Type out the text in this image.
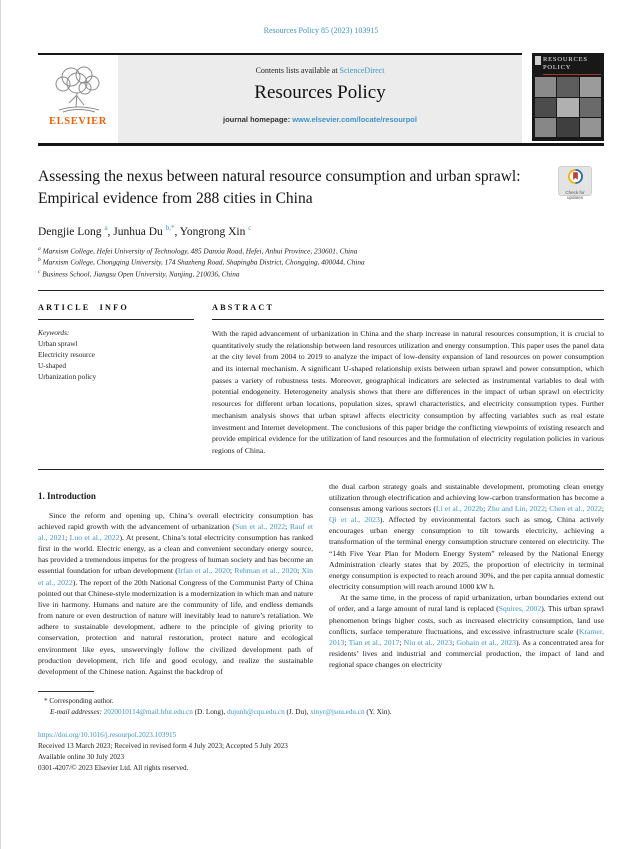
Resources Policy 85 (2023) 103915
ELSEVIER
Contents lists available at ScienceDirect
Resources Policy
journal homepage: www.elsevier.com/locate/resourpol
RESOURCES POLICY
Assessing the nexus between natural resource consumption and urban sprawl: Empirical evidence from 288 cities in China	Check for updates
Dengjie Long $^a$, Junhua Du $^{b,*}$, Yongrong Xin $^c$
$^a$ Marxism College, Hefei University of Technology, 485 Danxia Road, Hefei, Anhui Province, 230601, China
$^b$ Marxism College, Chongqing University, 174 Shazheng Road, Shapingba District, Chongqing, 400044, China
$^c$ Business School, Jiangsu Open University, Nanjing, 210036, China
ARTICLE INFO
Keywords:
Urban sprawl
Electricity resource
U-shaped
Urbanization policy
ABSTRACT

With the rapid advancement of urbanization in China and the sharp increase in natural resources consumption, it is crucial to quantitatively study the relationship between land resources utilization and energy consumption. This paper uses the panel data at the city level from 2004 to 2019 to analyze the impact of low-density expansion of land resources on power consumption and its internal mechanism. A significant U-shaped relationship exists between urban sprawl and power consumption, which passes a variety of robustness tests. Moreover, geographical indicators are selected as instrumental variables to deal with potential endogeneity. Heterogeneity analysis shows that there are differences in the impact of urban sprawl on electricity resources for different urban locations, population sizes, sprawl characteristics, and electricity consumption types. Further mechanism analysis shows that urban sprawl affects electricity consumption by affecting variables such as real estate investment and Internet development. The conclusions of this paper bridge the conflicting viewpoints of existing research and provide empirical evidence for the utilization of land resources and the formulation of electricity regulation policies in various regions of China.

1. Introduction

Since the reform and opening up, China’s overall electricity consumption has achieved rapid growth with the advancement of urbanization (Sun et al., 2022; Rauf et al., 2021; Luo et al., 2022). At present, China’s total electricity consumption has ranked first in the world. Electric energy, as a clean and convenient secondary energy source, has provided a tremendous impetus for the progress of human society and has become an essential foundation for urban development (Irfan et al., 2020; Rehman et al., 2020; Xin et al., 2022). The report of the 20th National Congress of the Communist Party of China pointed out that Chinese-style modernization is a modernization in which man and nature live in harmony. Humans and nature are the community of life, and endless demands from nature or even destruction of nature will inevitably lead to nature’s retaliation. We adhere to sustainable development, adhere to the principle of giving priority to conservation, protection and natural restoration, protect nature and ecological environment like eyes, unswervingly follow the civilized development path of production development, rich life and good ecology, and realize the sustainable development of the Chinese nation. Against the backdrop of

the dual carbon strategy goals and sustainable development, promoting clean energy utilization through electrification and achieving low-carbon transformation has become a consensus among various sectors (Li et al., 2022b; Zhu and Lin, 2022; Chen et al., 2022; Qi et al., 2023). Affected by environmental factors such as smog, China actively encourages urban energy consumption to tilt towards electricity, achieving a transformation of the terminal energy consumption structure centered on electricity. The “14th Five Year Plan for Modern Energy System” released by the National Energy Administration clearly states that by 2025, the proportion of electricity in terminal energy consumption is expected to reach around 30%, and the per capita annual domestic electricity consumption will reach around 1000 kW h.

At the same time, in the process of rapid urbanization, urban boundaries extend out of order, and a large amount of rural land is replaced (Squires, 2002). This urban sprawl phenomenon brings higher costs, such as increased electricity consumption, land use conflicts, surface temperature fluctuations, and excessive infrastructure scale (Kramer, 2013; Tian et al., 2017; Niu et al., 2023; Gohain et al., 2023). As a concentrated area for residents’ lives and industrial and commercial production, the impact of land and regional space changes on electricity

* Corresponding author.
E-mail addresses: 2020010114@mail.hfut.edu.cn (D. Long), dujunh@cqu.edu.cn (J. Du), xinyr@jsou.edu.cn (Y. Xin).
https://doi.org/10.1016/j.resourpol.2023.103915
Received 13 March 2023; Received in revised form 4 July 2023; Accepted 5 July 2023
Available online 30 July 2023
0301-4207/© 2023 Elsevier Ltd. All rights reserved.
